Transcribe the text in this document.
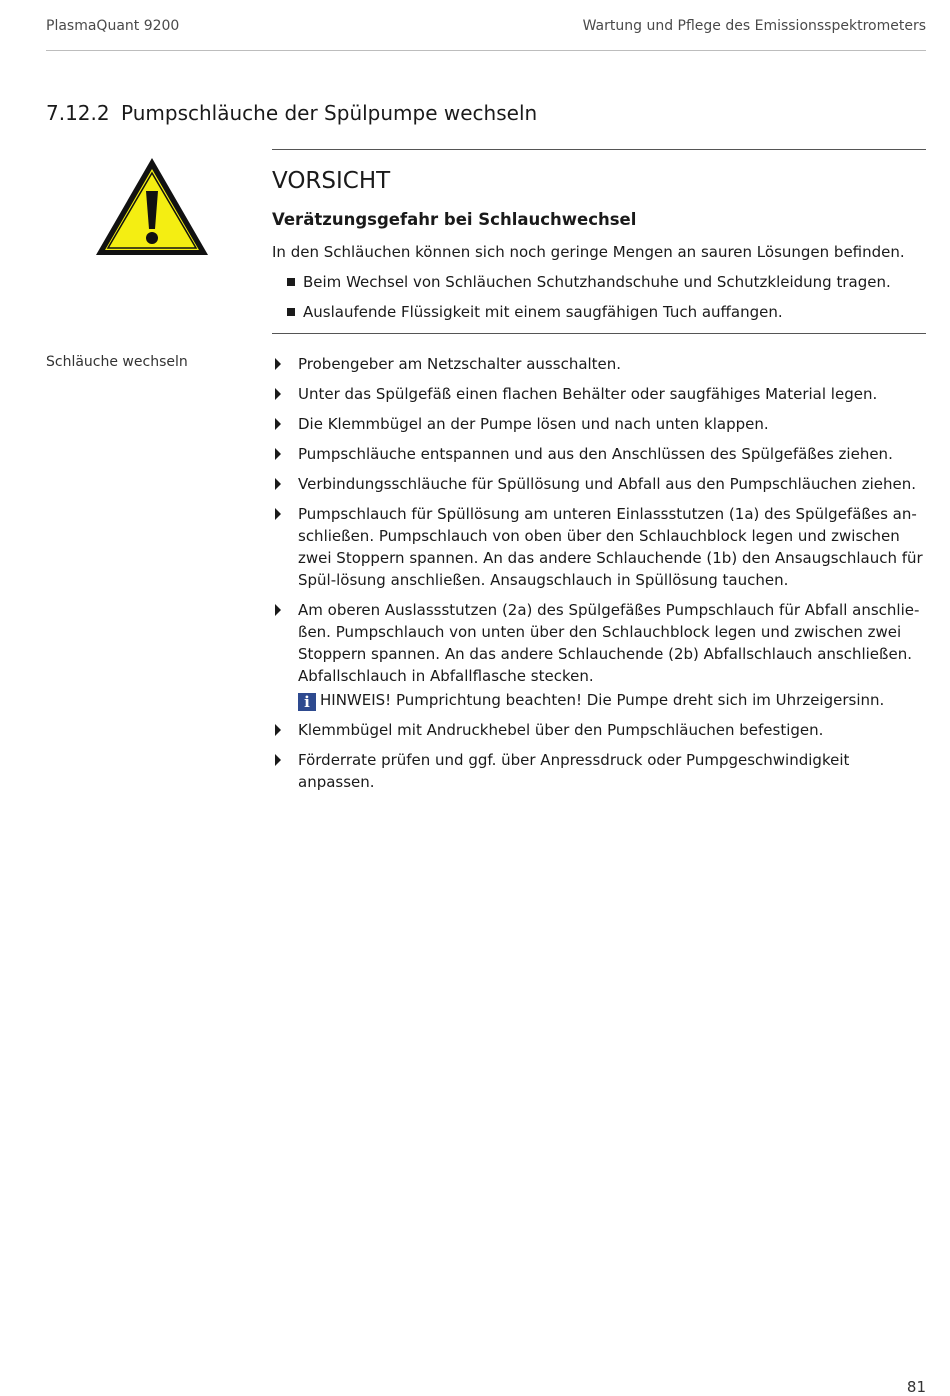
PlasmaQuant 9200	Wartung und Pflege des Emissionsspektrometers
7.12.2 Pumpschläuche der Spülpumpe wechseln
VORSICHT
Verätzungsgefahr bei Schlauchwechsel
In den Schläuchen können sich noch geringe Mengen an sauren Lösungen befinden.
Beim Wechsel von Schläuchen Schutzhandschuhe und Schutzkleidung tragen.
Auslaufende Flüssigkeit mit einem saugfähigen Tuch auffangen.
Schläuche wechseln	Probengeber am Netzschalter ausschalten.
Unter das Spülgefäß einen flachen Behälter oder saugfähiges Material legen.
Die Klemmbügel an der Pumpe lösen und nach unten klappen.
Pumpschläuche entspannen und aus den Anschlüssen des Spülgefäßes ziehen.
Verbindungsschläuche für Spüllösung und Abfall aus den Pumpschläuchen ziehen.
Pumpschlauch für Spüllösung am unteren Einlassstutzen (1a) des Spülgefäßes an-schließen. Pumpschlauch von oben über den Schlauchblock legen und zwischen zwei Stoppern spannen. An das andere Schlauchende (1b) den Ansaugschlauch für Spül-lösung anschließen. Ansaugschlauch in Spüllösung tauchen.
Am oberen Auslassstutzen (2a) des Spülgefäßes Pumpschlauch für Abfall anschlie-ßen. Pumpschlauch von unten über den Schlauchblock legen und zwischen zwei Stoppern spannen. An das andere Schlauchende (2b) Abfallschlauch anschließen. Abfallschlauch in Abfallflasche stecken.
i HINWEIS! Pumprichtung beachten! Die Pumpe dreht sich im Uhrzeigersinn.
Klemmbügel mit Andruckhebel über den Pumpschläuchen befestigen.
Förderrate prüfen und ggf. über Anpressdruck oder Pumpgeschwindigkeit anpassen.
81
